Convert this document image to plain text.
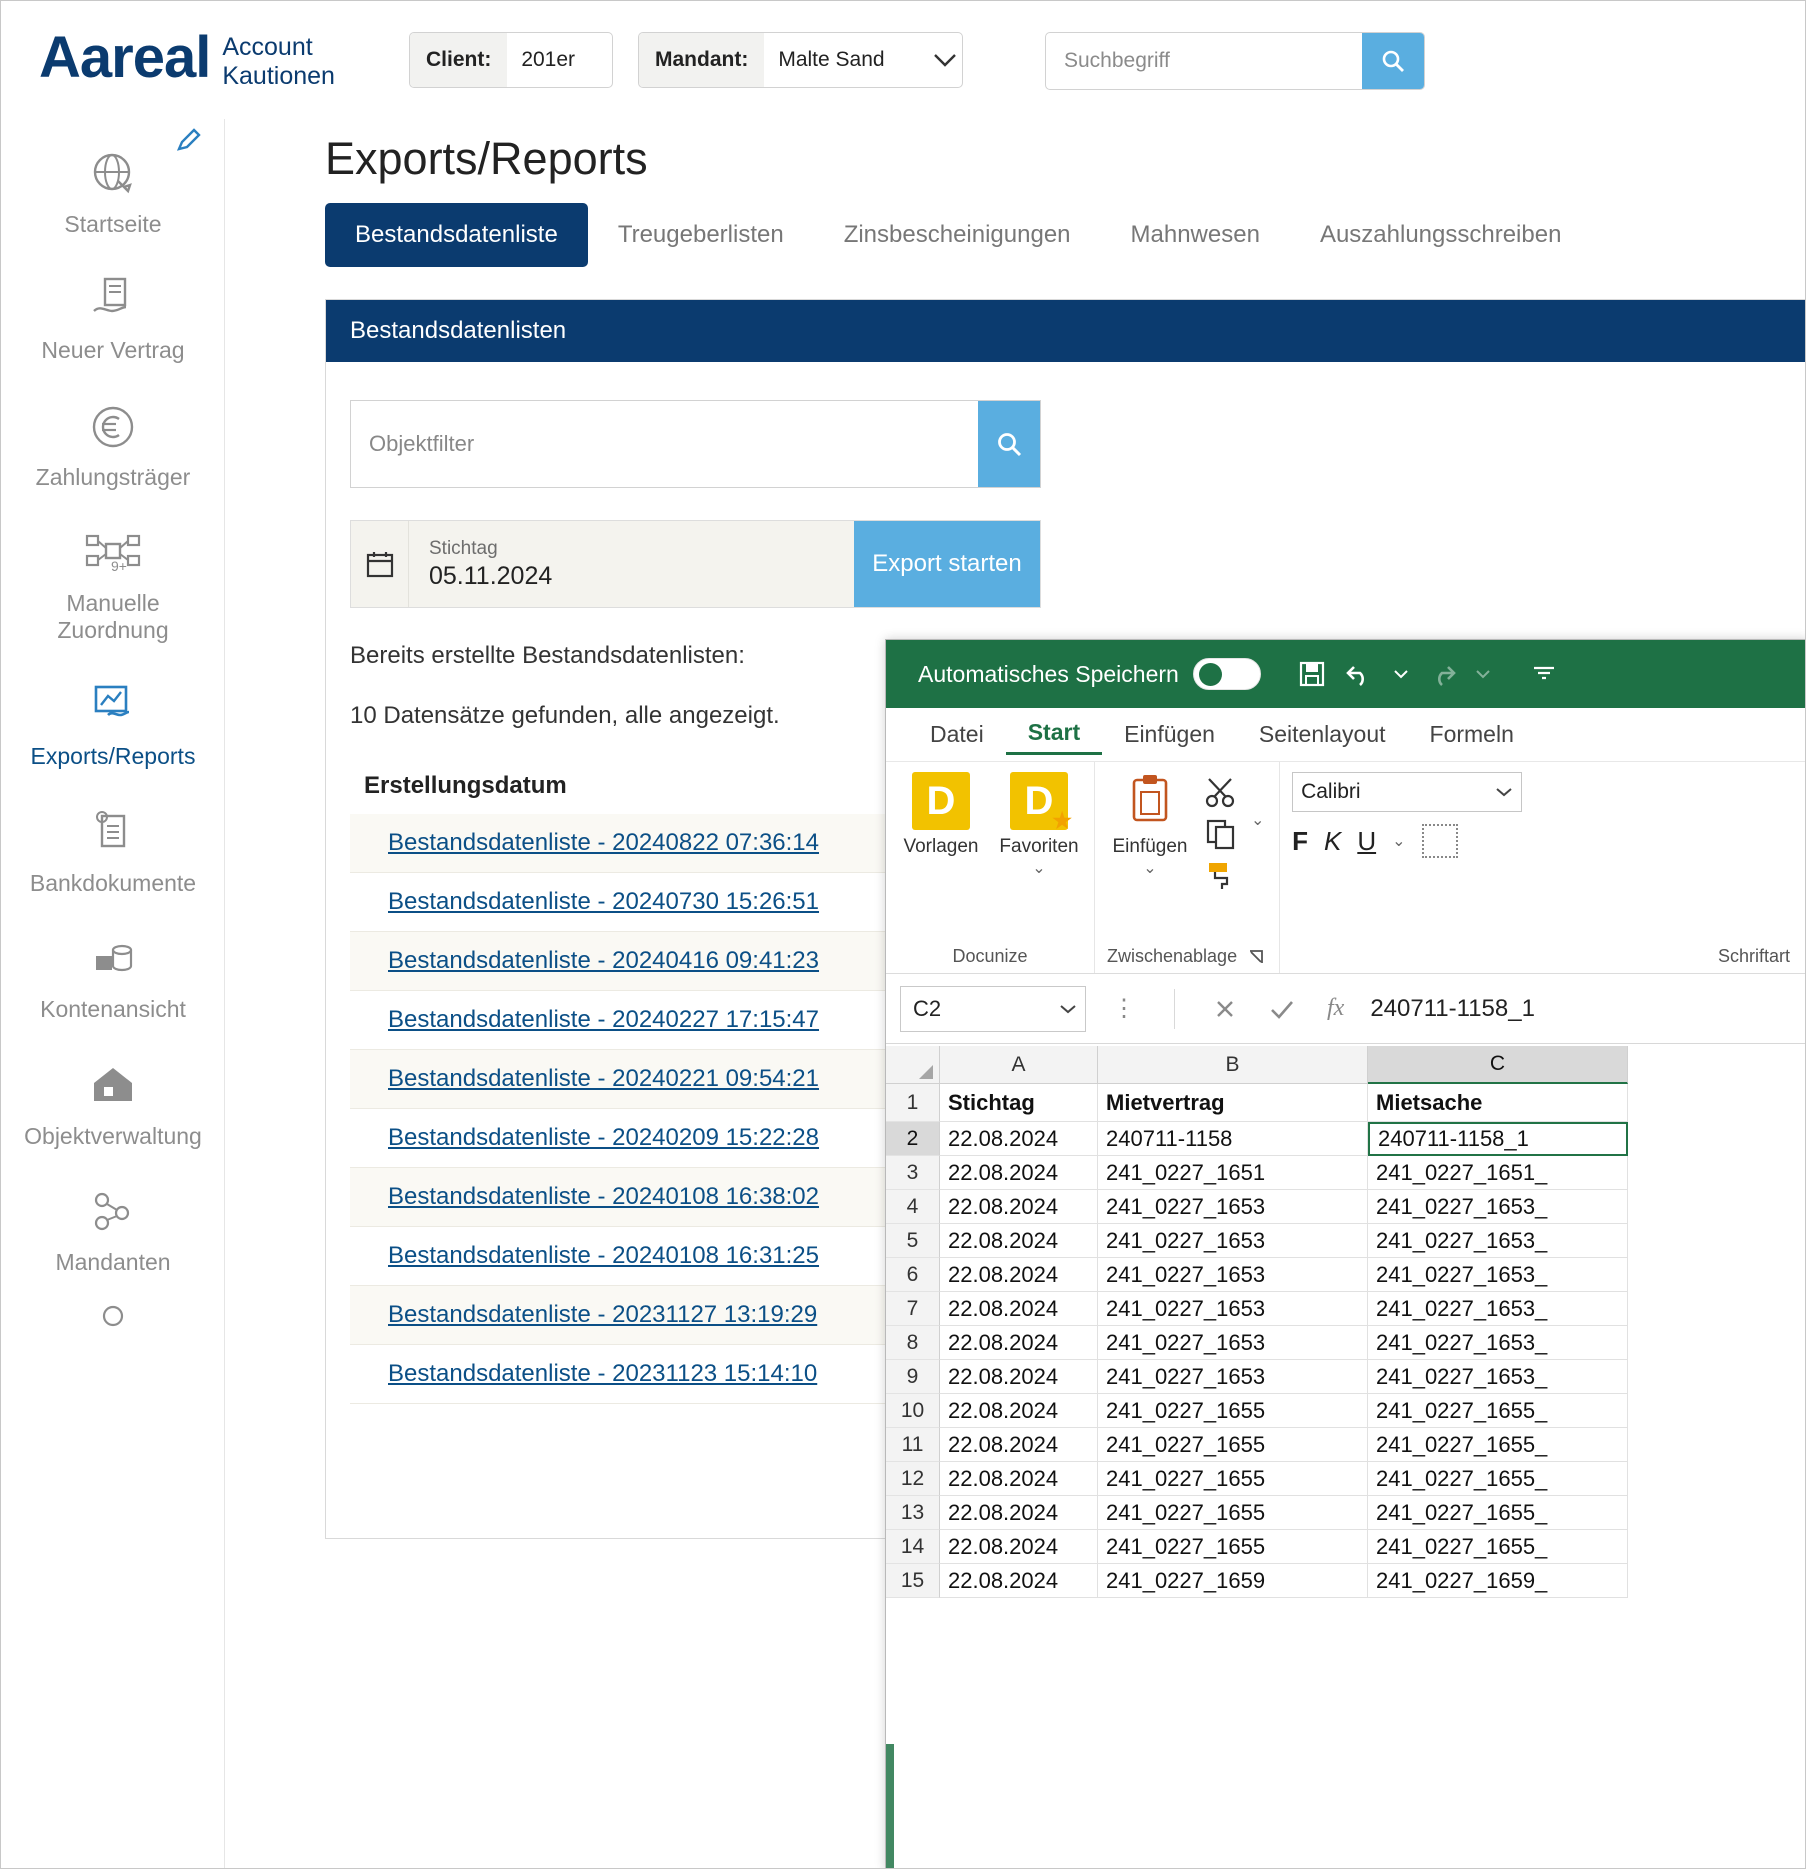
Aareal Account
Kautionen
Client:	201er	Mandant:	Malte Sand
Suchbegriff
Startseite
Neuer Vertrag
Zahlungsträger
9+
Manuelle Zuordnung
Exports/Reports
Bankdokumente
Kontenansicht
Objektverwaltung
Mandanten
Exports/Reports
Bestandsdatenliste	Treugeberlisten	Zinsbescheinigungen	Mahnwesen	Auszahlungsschreiben
Bestandsdatenlisten
Objektfilter
Stichtag
05.11.2024	Export starten
Bereits erstellte Bestandsdatenlisten:
10 Datensätze gefunden, alle angezeigt.
Erstellungsdatum
Bestandsdatenliste - 20240822 07:36:14
Bestandsdatenliste - 20240730 15:26:51
Bestandsdatenliste - 20240416 09:41:23
Bestandsdatenliste - 20240227 17:15:47
Bestandsdatenliste - 20240221 09:54:21
Bestandsdatenliste - 20240209 15:22:28
Bestandsdatenliste - 20240108 16:38:02
Bestandsdatenliste - 20240108 16:31:25
Bestandsdatenliste - 20231127 13:19:29
Bestandsdatenliste - 20231123 15:14:10
Automatisches Speichern
Datei	Start	Einfügen	Seitenlayout	Formeln
D
Vorlagen
D
★
Favoriten
⌄
Docunize
Einfügen
⌄
⌄
Zwischenablage
Calibri
F K U ⌄
Schriftart
C2	⋮	fx 240711-1158_1
A	B	C
1	Stichtag	Mietvertrag	Mietsache
2	22.08.2024	240711-1158	240711-1158_1
3	22.08.2024	241_0227_1651	241_0227_1651_
4	22.08.2024	241_0227_1653	241_0227_1653_
5	22.08.2024	241_0227_1653	241_0227_1653_
6	22.08.2024	241_0227_1653	241_0227_1653_
7	22.08.2024	241_0227_1653	241_0227_1653_
8	22.08.2024	241_0227_1653	241_0227_1653_
9	22.08.2024	241_0227_1653	241_0227_1653_
10	22.08.2024	241_0227_1655	241_0227_1655_
11	22.08.2024	241_0227_1655	241_0227_1655_
12	22.08.2024	241_0227_1655	241_0227_1655_
13	22.08.2024	241_0227_1655	241_0227_1655_
14	22.08.2024	241_0227_1655	241_0227_1655_
15	22.08.2024	241_0227_1659	241_0227_1659_
